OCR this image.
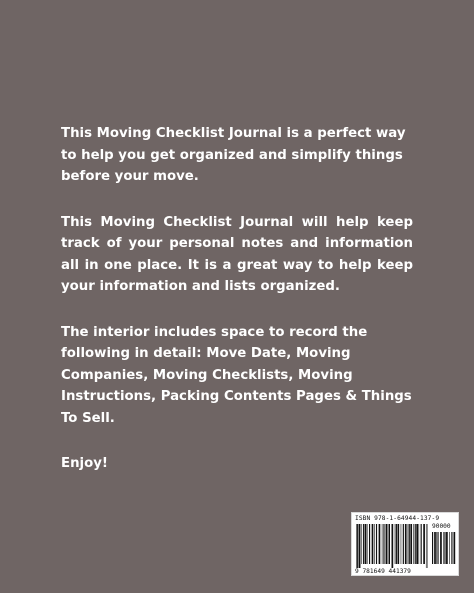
This Moving Checklist Journal is a perfect way to help you get organized and simplify things before your move.

This Moving Checklist Journal will help keep track of your personal notes and information all in one place. It is a great way to help keep your information and lists organized.

The interior includes space to record the following in detail: Move Date, Moving Companies, Moving Checklists, Moving Instructions, Packing Contents Pages & Things To Sell.

Enjoy!

ISBN 978-1-64944-137-9
90000
9 781649 441379
